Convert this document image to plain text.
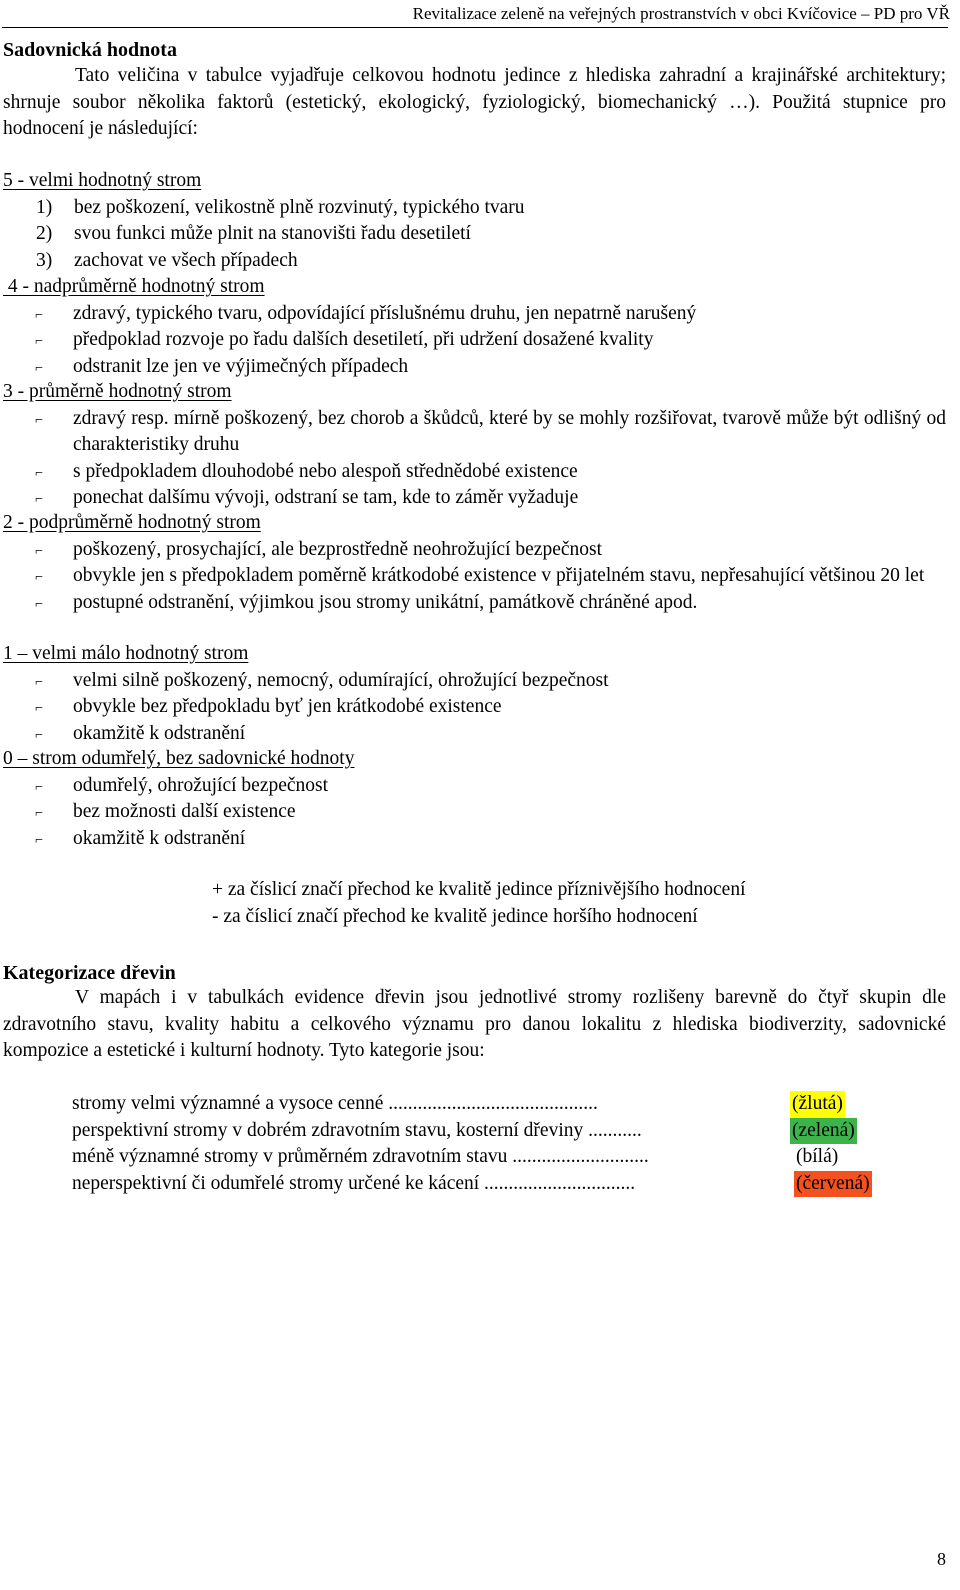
Revitalizace zeleně na veřejných prostranstvích v obci Kvíčovice – PD pro VŘ
Sadovnická hodnota
Tato veličina v tabulce vyjadřuje celkovou hodnotu jedince z hlediska zahradní a krajinářské architektury; shrnuje soubor několika faktorů (estetický, ekologický, fyziologický, biomechanický …). Použitá stupnice pro hodnocení je následující:
5 - velmi hodnotný strom
1)	bez poškození, velikostně plně rozvinutý, typického tvaru
2)	svou funkci může plnit na stanovišti řadu desetiletí
3)	zachovat ve všech případech
4 - nadprůměrně hodnotný strom
⌐	zdravý, typického tvaru, odpovídající příslušnému druhu, jen nepatrně narušený
⌐	předpoklad rozvoje po řadu dalších desetiletí, při udržení dosažené kvality
⌐	odstranit lze jen ve výjimečných případech
3 - průměrně hodnotný strom
⌐	zdravý resp. mírně poškozený, bez chorob a škůdců, které by se mohly rozšiřovat, tvarově může být odlišný od charakteristiky druhu
⌐	s předpokladem dlouhodobé nebo alespoň střednědobé existence
⌐	ponechat dalšímu vývoji, odstraní se tam, kde to záměr vyžaduje
2 - podprůměrně hodnotný strom
⌐	poškozený, prosychající, ale bezprostředně neohrožující bezpečnost
⌐	obvykle jen s předpokladem poměrně krátkodobé existence v přijatelném stavu, nepřesahující většinou 20 let
⌐	postupné odstranění, výjimkou jsou stromy unikátní, památkově chráněné apod.
1 – velmi málo hodnotný strom
⌐	velmi silně poškozený, nemocný, odumírající, ohrožující bezpečnost
⌐	obvykle bez předpokladu byť jen krátkodobé existence
⌐	okamžitě k odstranění
0 – strom odumřelý, bez sadovnické hodnoty
⌐	odumřelý, ohrožující bezpečnost
⌐	bez možnosti další existence
⌐	okamžitě k odstranění
+ za číslicí značí přechod ke kvalitě jedince příznivějšího hodnocení
- za číslicí značí přechod ke kvalitě jedince horšího hodnocení
Kategorizace dřevin
V mapách i v tabulkách evidence dřevin jsou jednotlivé stromy rozlišeny barevně do čtyř skupin dle zdravotního stavu, kvality habitu a celkového významu pro danou lokalitu z hlediska biodiverzity, sadovnické kompozice a estetické i kulturní hodnoty. Tyto kategorie jsou:
stromy velmi významné a vysoce cenné ...........................................	(žlutá)
perspektivní stromy v dobrém zdravotním stavu, kosterní dřeviny ...........	(zelená)
méně významné stromy v průměrném zdravotním stavu ............................	(bílá)
neperspektivní či odumřelé stromy určené ke kácení ...............................	(červená)
8
